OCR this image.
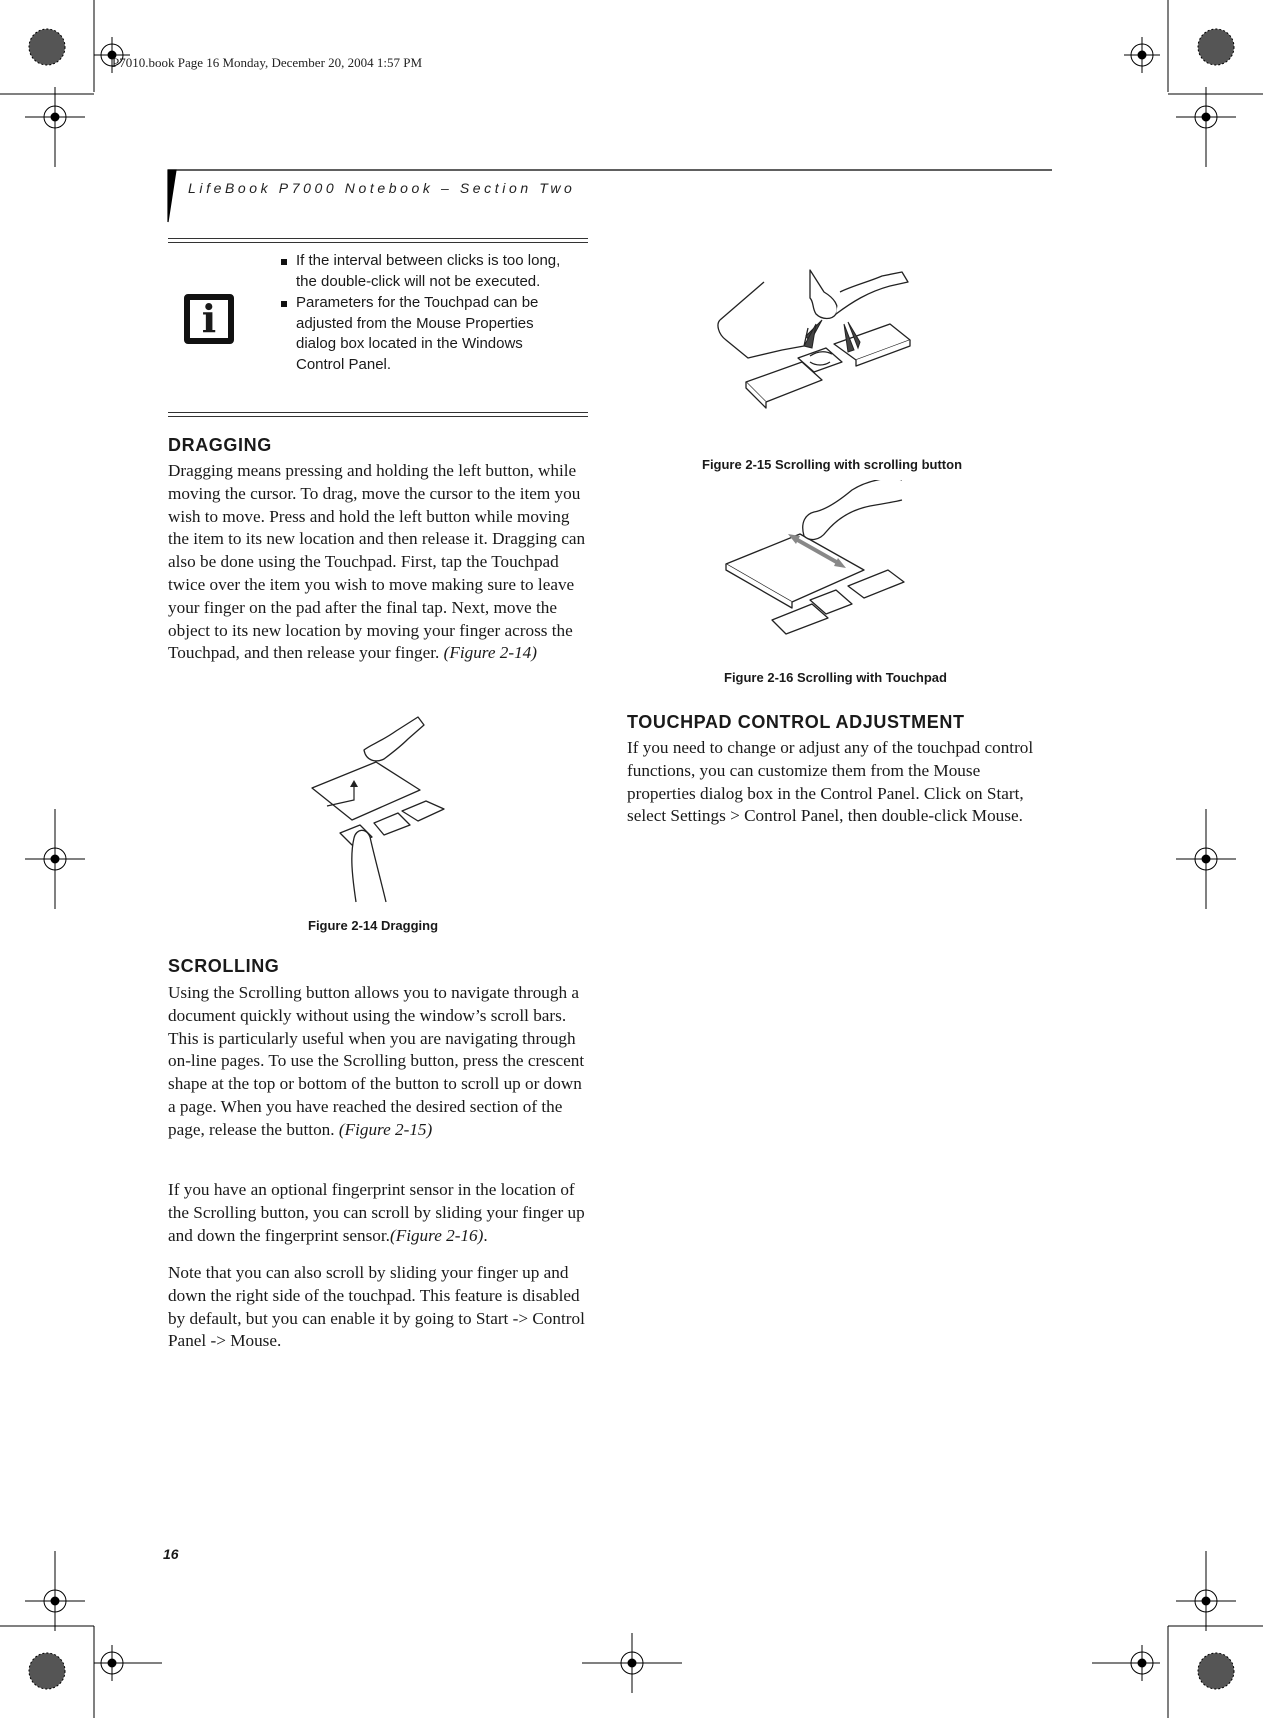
P7010.book Page 16 Monday, December 20, 2004 1:57 PM
LifeBook P7000 Notebook – Section Two
i
If the interval between clicks is too long, the double-click will not be executed.
Parameters for the Touchpad can be adjusted from the Mouse Properties dialog box located in the Windows Control Panel.
DRAGGING

Dragging means pressing and holding the left button, while moving the cursor. To drag, move the cursor to the item you wish to move. Press and hold the left button while moving the item to its new location and then release it. Dragging can also be done using the Touchpad. First, tap the Touchpad twice over the item you wish to move making sure to leave your finger on the pad after the final tap. Next, move the object to its new location by moving your finger across the Touchpad, and then release your finger. (Figure 2-14)

Figure 2-14 Dragging
SCROLLING

Using the Scrolling button allows you to navigate through a document quickly without using the window’s scroll bars. This is particularly useful when you are navigating through on-line pages. To use the Scrolling button, press the crescent shape at the top or bottom of the button to scroll up or down a page. When you have reached the desired section of the page, release the button. (Figure 2-15)

If you have an optional fingerprint sensor in the location of the Scrolling button, you can scroll by sliding your finger up and down the fingerprint sensor.(Figure 2-16).

Note that you can also scroll by sliding your finger up and down the right side of the touchpad. This feature is disabled by default, but you can enable it by going to Start -> Control Panel -> Mouse.

Figure 2-15 Scrolling with scrolling button
Figure 2-16 Scrolling with Touchpad
TOUCHPAD CONTROL ADJUSTMENT

If you need to change or adjust any of the touchpad control functions, you can customize them from the Mouse properties dialog box in the Control Panel. Click on Start, select Settings > Control Panel, then double-click Mouse.

16
